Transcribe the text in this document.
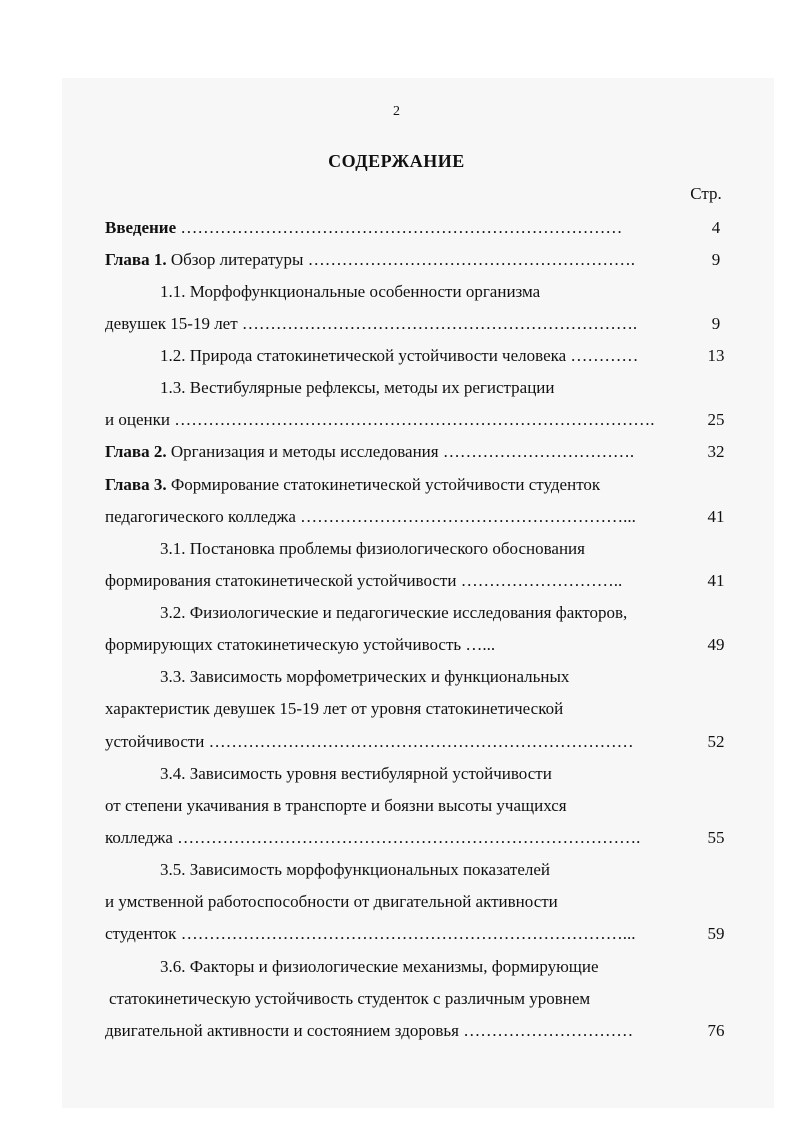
2
СОДЕРЖАНИЕ
Стр.
Введение ……………………………………………………………………	4
Глава 1. Обзор литературы ………………………………………………….	9
1.1. Морфофункциональные особенности организма
девушек 15-19 лет …………………………………………………………….	9
1.2. Природа статокинетической устойчивости человека …………	13
1.3. Вестибулярные рефлексы, методы их регистрации
и оценки ………………………………………………………………………….	25
Глава 2. Организация и методы исследования …………………………….	32
Глава 3. Формирование статокинетической устойчивости студенток
педагогического колледжа …………………………………………………...	41
3.1. Постановка проблемы физиологического обоснования
формирования статокинетической устойчивости ………………………..	41
3.2. Физиологические и педагогические исследования факторов,
формирующих статокинетическую устойчивость …...	49
3.3. Зависимость морфометрических и функциональных
характеристик девушек 15-19 лет от уровня статокинетической
устойчивости …………………………………………………………………	52
3.4. Зависимость уровня вестибулярной устойчивости
от степени укачивания в транспорте и боязни высоты учащихся
колледжа ……………………………………………………………………….	55
3.5. Зависимость морфофункциональных показателей
и умственной работоспособности от двигательной активности
студенток ……………………………………………………………………...	59
3.6. Факторы и физиологические механизмы, формирующие
статокинетическую устойчивость студенток с различным уровнем
двигательной активности и состоянием здоровья …………………………	76
